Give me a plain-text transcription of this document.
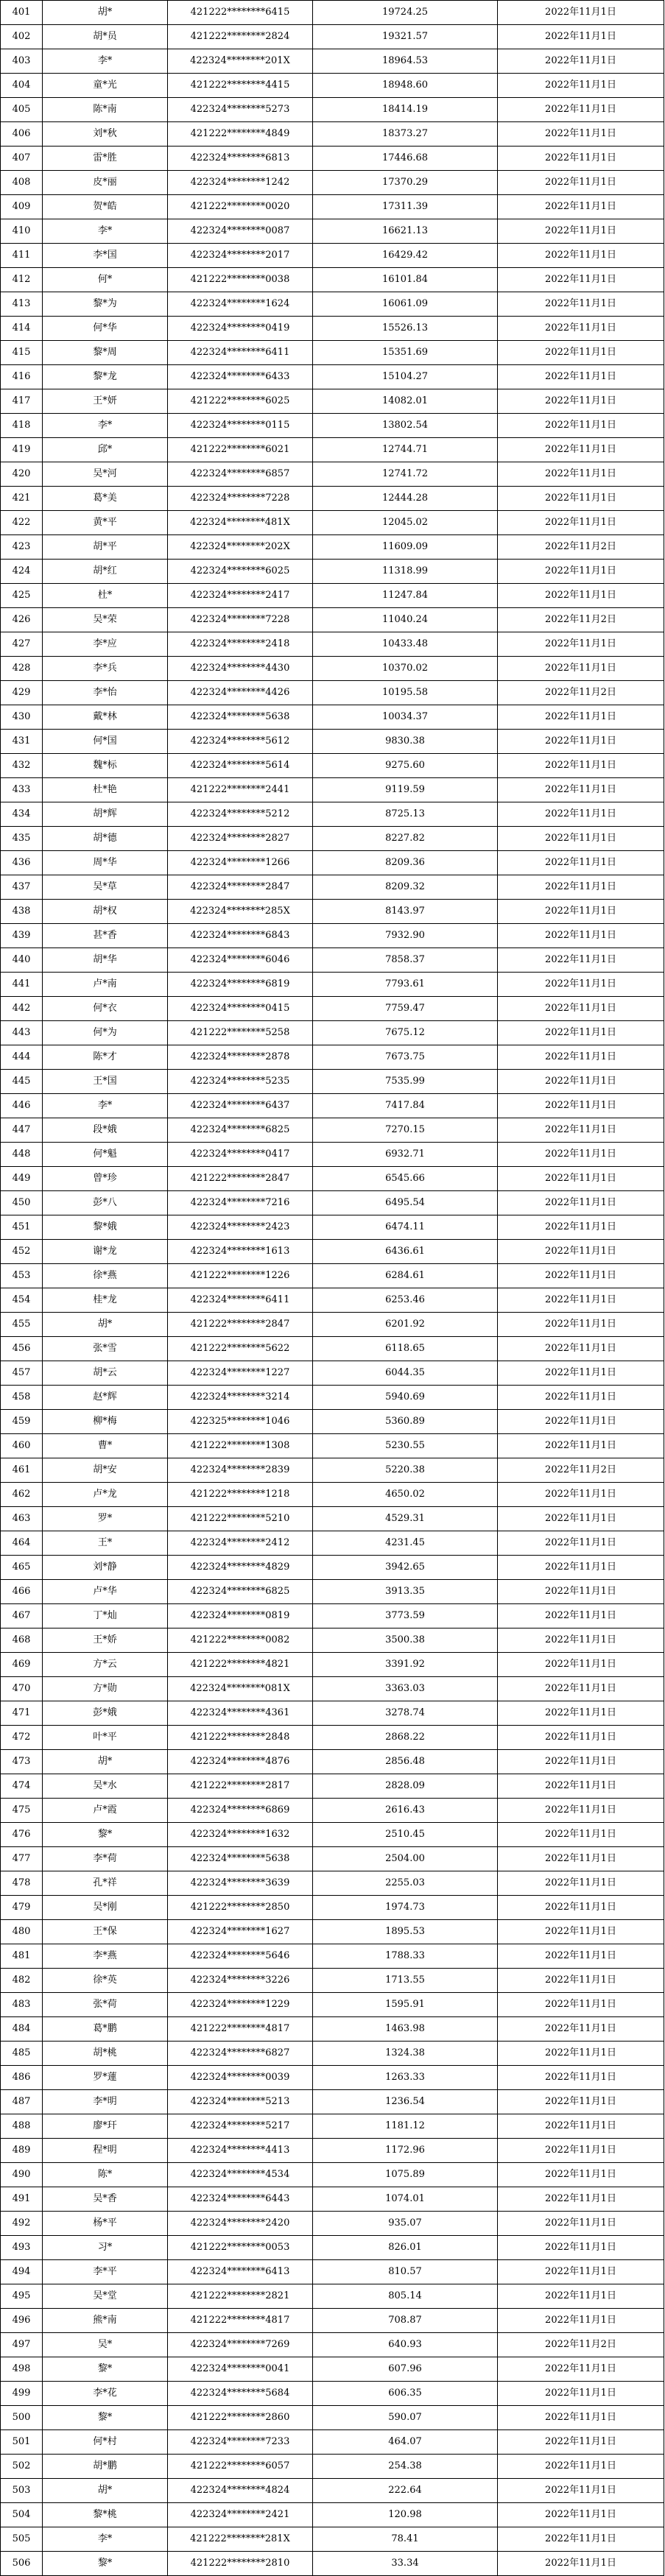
401	胡*	421222********6415	19724.25	2022年11月1日
402	胡*员	421222********2824	19321.57	2022年11月1日
403	李*	422324********201X	18964.53	2022年11月1日
404	童*光	421222********4415	18948.60	2022年11月1日
405	陈*南	422324********5273	18414.19	2022年11月1日
406	刘*秋	421222********4849	18373.27	2022年11月1日
407	雷*胜	422324********6813	17446.68	2022年11月1日
408	皮*丽	422324********1242	17370.29	2022年11月1日
409	贺*皓	421222********0020	17311.39	2022年11月1日
410	李*	422324********0087	16621.13	2022年11月1日
411	李*国	422324********2017	16429.42	2022年11月1日
412	何*	421222********0038	16101.84	2022年11月1日
413	黎*为	422324********1624	16061.09	2022年11月1日
414	何*华	422324********0419	15526.13	2022年11月1日
415	黎*周	422324********6411	15351.69	2022年11月1日
416	黎*龙	422324********6433	15104.27	2022年11月1日
417	王*妍	421222********6025	14082.01	2022年11月1日
418	李*	422324********0115	13802.54	2022年11月1日
419	邱*	421222********6021	12744.71	2022年11月1日
420	吴*河	422324********6857	12741.72	2022年11月1日
421	葛*美	422324********7228	12444.28	2022年11月1日
422	黄*平	422324********481X	12045.02	2022年11月1日
423	胡*平	422324********202X	11609.09	2022年11月2日
424	胡*红	422324********6025	11318.99	2022年11月1日
425	杜*	422324********2417	11247.84	2022年11月1日
426	吴*荣	422324********7228	11040.24	2022年11月2日
427	李*应	422324********2418	10433.48	2022年11月1日
428	李*兵	422324********4430	10370.02	2022年11月1日
429	李*怡	422324********4426	10195.58	2022年11月2日
430	戴*林	422324********5638	10034.37	2022年11月1日
431	何*国	422324********5612	9830.38	2022年11月1日
432	魏*标	422324********5614	9275.60	2022年11月1日
433	杜*艳	421222********2441	9119.59	2022年11月1日
434	胡*辉	422324********5212	8725.13	2022年11月1日
435	胡*德	422324********2827	8227.82	2022年11月1日
436	周*华	422324********1266	8209.36	2022年11月1日
437	吴*草	422324********2847	8209.32	2022年11月1日
438	胡*权	422324********285X	8143.97	2022年11月1日
439	甚*香	422324********6843	7932.90	2022年11月1日
440	胡*华	422324********6046	7858.37	2022年11月1日
441	卢*南	422324********6819	7793.61	2022年11月1日
442	何*衣	422324********0415	7759.47	2022年11月1日
443	何*为	421222********5258	7675.12	2022年11月1日
444	陈*才	422324********2878	7673.75	2022年11月1日
445	王*国	422324********5235	7535.99	2022年11月1日
446	李*	422324********6437	7417.84	2022年11月1日
447	段*娥	422324********6825	7270.15	2022年11月1日
448	何*魁	422324********0417	6932.71	2022年11月1日
449	曾*珍	421222********2847	6545.66	2022年11月1日
450	彭*八	422324********7216	6495.54	2022年11月1日
451	黎*娥	422324********2423	6474.11	2022年11月1日
452	谢*龙	422324********1613	6436.61	2022年11月1日
453	徐*燕	421222********1226	6284.61	2022年11月1日
454	桂*龙	422324********6411	6253.46	2022年11月1日
455	胡*	421222********2847	6201.92	2022年11月1日
456	张*雪	421222********5622	6118.65	2022年11月1日
457	胡*云	422324********1227	6044.35	2022年11月1日
458	赵*辉	422324********3214	5940.69	2022年11月1日
459	柳*梅	422325********1046	5360.89	2022年11月1日
460	曹*	421222********1308	5230.55	2022年11月1日
461	胡*安	422324********2839	5220.38	2022年11月2日
462	卢*龙	421222********1218	4650.02	2022年11月1日
463	罗*	421222********5210	4529.31	2022年11月1日
464	王*	422324********2412	4231.45	2022年11月1日
465	刘*静	422324********4829	3942.65	2022年11月1日
466	卢*华	422324********6825	3913.35	2022年11月1日
467	丁*灿	422324********0819	3773.59	2022年11月1日
468	王*娇	421222********0082	3500.38	2022年11月1日
469	方*云	421222********4821	3391.92	2022年11月1日
470	方*勋	422324********081X	3363.03	2022年11月1日
471	彭*娥	422324********4361	3278.74	2022年11月1日
472	叶*平	421222********2848	2868.22	2022年11月1日
473	胡*	422324********4876	2856.48	2022年11月1日
474	吴*水	421222********2817	2828.09	2022年11月1日
475	卢*霞	422324********6869	2616.43	2022年11月1日
476	黎*	422324********1632	2510.45	2022年11月1日
477	李*荷	422324********5638	2504.00	2022年11月1日
478	孔*祥	422324********3639	2255.03	2022年11月1日
479	吴*刚	421222********2850	1974.73	2022年11月1日
480	王*保	422324********1627	1895.53	2022年11月1日
481	李*燕	422324********5646	1788.33	2022年11月1日
482	徐*英	422324********3226	1713.55	2022年11月1日
483	张*荷	422324********1229	1595.91	2022年11月1日
484	葛*鹏	421222********4817	1463.98	2022年11月1日
485	胡*桃	422324********6827	1324.38	2022年11月1日
486	罗*蓮	422324********0039	1263.33	2022年11月1日
487	李*明	422324********5213	1236.54	2022年11月1日
488	廖*玕	422324********5217	1181.12	2022年11月1日
489	程*明	422324********4413	1172.96	2022年11月1日
490	陈*	422324********4534	1075.89	2022年11月1日
491	吴*香	422324********6443	1074.01	2022年11月1日
492	杨*平	422324********2420	935.07	2022年11月1日
493	习*	421222********0053	826.01	2022年11月1日
494	李*平	422324********6413	810.57	2022年11月1日
495	吴*堂	421222********2821	805.14	2022年11月1日
496	熊*南	421222********4817	708.87	2022年11月1日
497	吴*	422324********7269	640.93	2022年11月2日
498	黎*	422324********0041	607.96	2022年11月1日
499	李*花	422324********5684	606.35	2022年11月1日
500	黎*	421222********2860	590.07	2022年11月1日
501	何*村	422324********7233	464.07	2022年11月1日
502	胡*鹏	421222********6057	254.38	2022年11月1日
503	胡*	422324********4824	222.64	2022年11月1日
504	黎*桃	422324********2421	120.98	2022年11月1日
505	李*	421222********281X	78.41	2022年11月1日
506	黎*	421222********2810	33.34	2022年11月1日
